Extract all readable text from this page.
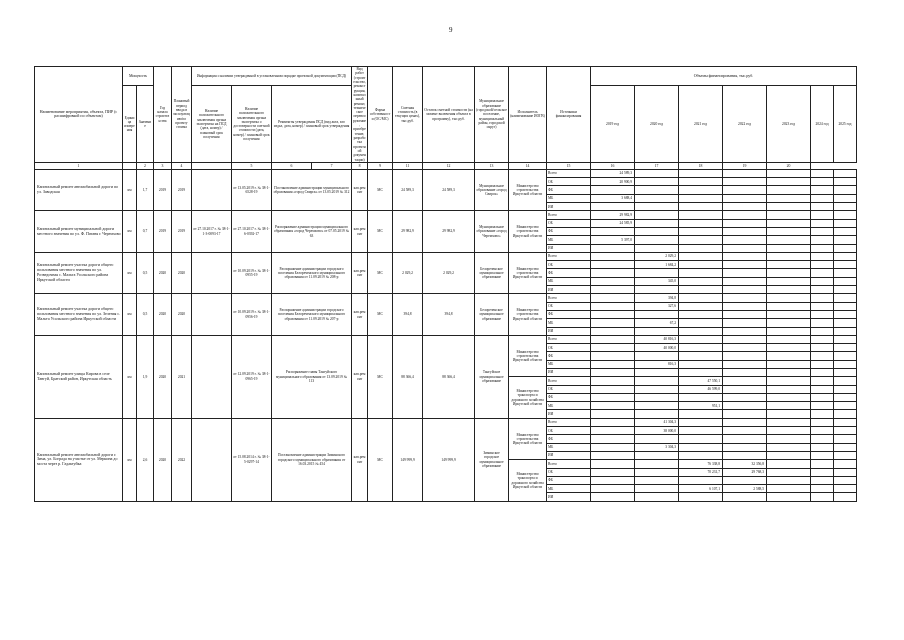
9
Наименование мероприятия, объекта, ПИР (с расшифровкой по объектам)	Мощность		Год начала строительства	Плановый период ввода в эксплуатацию/по проекту стоима	Информация о наличии утвержденной в установленном порядке проектной документации (ПСД)				Вид работ (строительство, реконструкция, капитальный ремонт, техническое перевооружение, приобретение, разработка проектной документации)	Форма собственности (ОС/МС)	Сметная стоимость (в текущих ценах), тыс.руб.	Остаток сметной стоимости (на момент включения объекта в программу), тыс.руб.	Муниципальное образование (городской/сельское поселение, муниципальный район, городской округ)	Исполнитель (наименование ИОГВ)	Источники финансирования	Объемы финансирования, тыс.руб.						
	Единица измерения	Значение			Наличие положительного заключения органа экспертизы на ПСД (дата, номер) / плановый срок получения	Наличие положительного заключения органа экспертизы о достоверности сметной стоимости (дата, номер) / плановый срок получения	Реквизиты утверждения ПСД (вид акта, кто издал, дата, номер) / плановый срок утверждения									2019 год	2020 год	2021 год	2022 год	2023 год	2024 год	2025 год
1		2	3	4		5	6	7	8	9	11	12	13	14	15	16	17	18	19	20		
Капитальный ремонт автомобильной дороги по ул. Заводская	км	1,7	2019	2019		от 13.05.2019 г. № 38-1-6528-19	Постановление администрации муниципального образования «город Свирск» от 13.05.2019 № 312		кап.ремонт	МС	24 589,3	24 589,3	Муниципальное образование «город Свирск»	Министерство строительства Иркутской области	Всего	24 589,3						
															ОБ	20 900,9						
															ФБ							
															МБ	3 688,4						
															ИИ							
Капитальный ремонт муниципальной дороги местного значения по ул. Ф. Патаня г. Черемхово	км	0,7	2019	2019	от 27.10.2017 г. № 38-1-1-3-0093-17	от 27.10.2017 г. № 38-1-6-0392-17	Распоряжение администрации муниципального образования «город Черемхово» от 07.05.2019 № 63		кап.ремонт	МС	29 982,9	29 982,9	Муниципальное образование «город Черемхово»	Министерство строительства Иркутской области	Всего	29 982,9						
															ОБ	24 585,9						
															ФБ							
															МБ	5 397,0						
															ИИ							
Капитальный ремонт участка дороги общего пользования местного значения по ул. Розведочная с. Мальта Усольского района Иркутской области	км	0,5	2020	2020		от 10.09.2019 г. № 38-1-0955-19	Распоряжение администрации городского поселения Белореченского муниципального образования от 11.09.2019 № 208-р		кап.ремонт	МС	2 029,2	2 029,2	Белореченское муниципальное образование	Министерство строительства Иркутской области	Всего		2 029,2					
															ОБ		1 684,2					
															ФБ							
															МБ		345,0					
															ИИ							
Капитальный ремонт участка дороги общего пользования местного значения по ул. Зеленая с. Мальта Усольского района Иркутской области	км	0,5	2020	2020		от 10.09.2019 г. № 38-1-0956-19	Распоряжение администрации городского поселения Белореченского муниципального образования от 11.09.2019 № 207-р		кап.ремонт	МС	394,8	394,8	Белореченское муниципальное образование	Министерство строительства Иркутской области	Всего		394,8					
															ОБ		327,6					
															ФБ							
															МБ		67,2					
															ИИ							
Капитальный ремонт улицы Кирова в селе Тангуй, Братский район, Иркутская область	км	1,9	2020	2021		от 12.09.2019 г. № 38-1-0965-19	Распоряжение главы Тангуйского муниципального образования от 13.09.2019 № 113		кап.ремонт	МС	88 366,4	88 366,4	Тангуйское муниципальное образование	Министерство строительства Иркутской области	Всего		40 816,3					
															ОБ		40 000,0					
															ФБ							
															МБ		816,3					
															ИИ							
														Министерство транспорта и дорожного хозяйства Иркутской области	Всего			47 550,1				
															ОБ			46 599,0				
															ФБ							
															МБ			951,1				
															ИИ							
Капитальный ремонт автомобильной дороги г. Зима, ул. Бограда на участке от ул. Меркина до моста через р. Гадактуйка	км	2,6	2020	2022		от 15.08.2014 г. № 38-1-5-0297-14	Постановление администрации Зиминского городского муниципального образования от 16.03.2015 № 454		кап.ремонт	МС	149 999,9	149 999,9	Зиминское городское муниципальное образование	Министерство строительства Иркутской области	Всего		41 304,3					
															ОБ		38 000,0					
															ФБ							
															МБ		3 304,3					
															ИИ							
														Министерство транспорта и дорожного хозяйства Иркутской области	Всего			76 338,8	32 356,8			
															ОБ			70 231,7	29 768,3			
															ФБ							
															МБ			6 107,1	2 588,5			
															ИИ							
